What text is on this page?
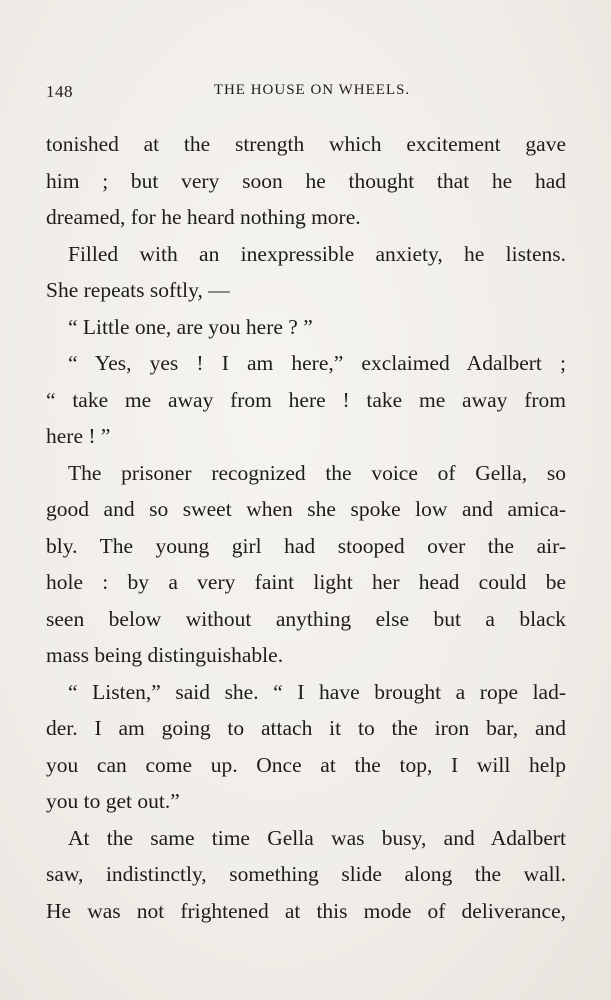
148	THE HOUSE ON WHEELS.
tonished at the strength which excitement gave
him ; but very soon he thought that he had
dreamed, for he heard nothing more.
Filled with an inexpressible anxiety, he listens.
She repeats softly, —
“ Little one, are you here ? ”
“ Yes, yes ! I am here,” exclaimed Adalbert ;
“ take me away from here ! take me away from
here ! ”
The prisoner recognized the voice of Gella, so
good and so sweet when she spoke low and amica-
bly. The young girl had stooped over the air-
hole : by a very faint light her head could be
seen below without anything else but a black
mass being distinguishable.
“ Listen,” said she. “ I have brought a rope lad-
der. I am going to attach it to the iron bar, and
you can come up. Once at the top, I will help
you to get out.”
At the same time Gella was busy, and Adalbert
saw, indistinctly, something slide along the wall.
He was not frightened at this mode of deliverance,
